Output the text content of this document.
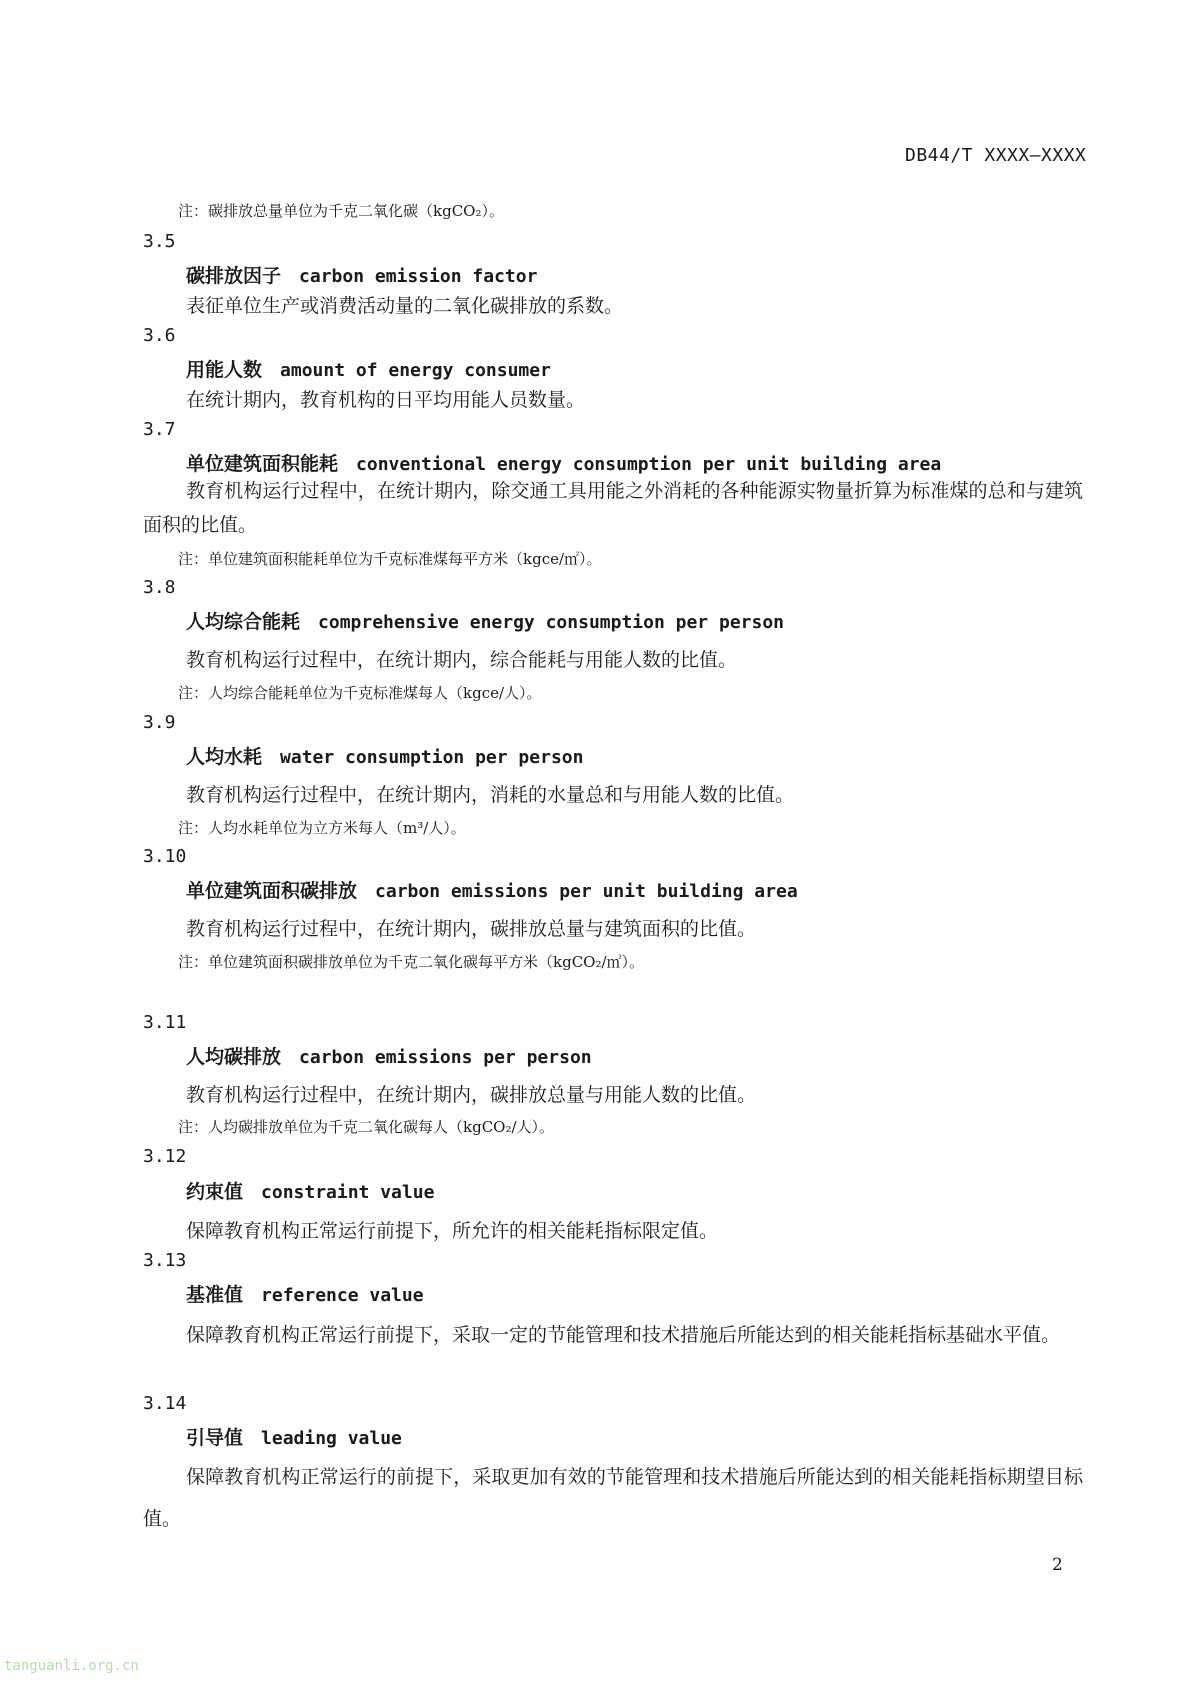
DB44/T XXXX—XXXX
注：碳排放总量单位为千克二氧化碳（kgCO₂）。
3.5
碳排放因子 carbon emission factor
表征单位生产或消费活动量的二氧化碳排放的系数。
3.6
用能人数 amount of energy consumer
在统计期内，教育机构的日平均用能人员数量。
3.7
单位建筑面积能耗 conventional energy consumption per unit building area
教育机构运行过程中，在统计期内，除交通工具用能之外消耗的各种能源实物量折算为标准煤的总和与建筑面积的比值。
注：单位建筑面积能耗单位为千克标准煤每平方米（kgce/㎡）。
3.8
人均综合能耗 comprehensive energy consumption per person
教育机构运行过程中，在统计期内，综合能耗与用能人数的比值。
注：人均综合能耗单位为千克标准煤每人（kgce/人）。
3.9
人均水耗 water consumption per person
教育机构运行过程中，在统计期内，消耗的水量总和与用能人数的比值。
注：人均水耗单位为立方米每人（m³/人）。
3.10
单位建筑面积碳排放 carbon emissions per unit building area
教育机构运行过程中，在统计期内，碳排放总量与建筑面积的比值。
注：单位建筑面积碳排放单位为千克二氧化碳每平方米（kgCO₂/㎡）。
3.11
人均碳排放 carbon emissions per person
教育机构运行过程中，在统计期内，碳排放总量与用能人数的比值。
注：人均碳排放单位为千克二氧化碳每人（kgCO₂/人）。
3.12
约束值 constraint value
保障教育机构正常运行前提下，所允许的相关能耗指标限定值。
3.13
基准值 reference value
保障教育机构正常运行前提下，采取一定的节能管理和技术措施后所能达到的相关能耗指标基础水平值。
3.14
引导值 leading value
保障教育机构正常运行的前提下，采取更加有效的节能管理和技术措施后所能达到的相关能耗指标期望目标值。
2
tanguanli.org.cn
